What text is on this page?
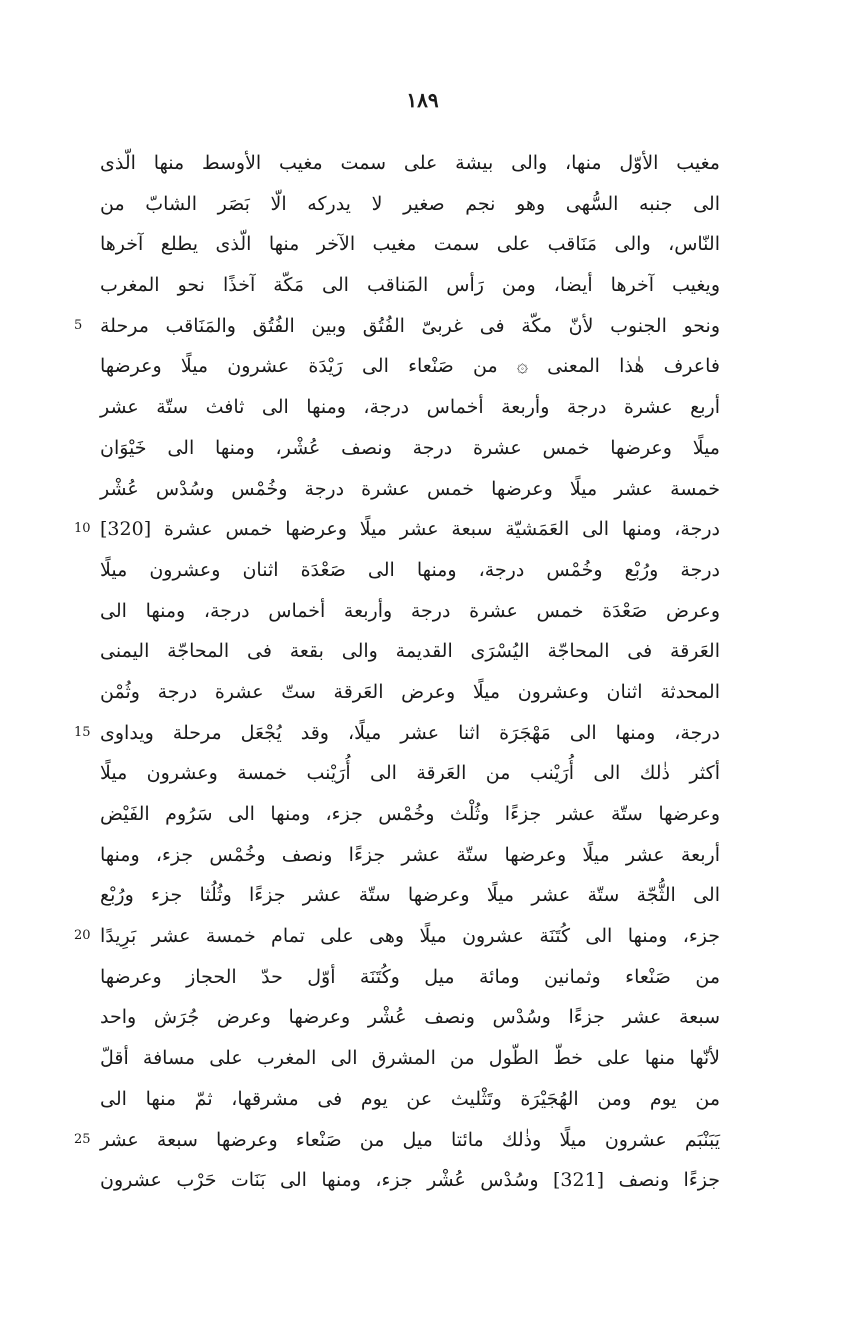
١٨٩
مغيب الأوّل منها، والى بيشة على سمت مغيب الأوسط منها الّذى
الى جنبه السُّهى وهو نجم صغير لا يدركه الّا بَصَر الشابّ من
النّاس، والى مَنَاقب على سمت مغيب الآخر منها الّذى يطلع آخرها
ويغيب آخرها أيضا، ومن رَأس المَناقب الى مَكّة آخذًا نحو المغرب
ونحو الجنوب لأنّ مكّة فى غربىّ الفُتُق وبين الفُتُق والمَنَاقب مرحلة
5
فاعرف هٰذا المعنى ۞ من صَنْعاء الى رَيْدَة عشرون ميلًا وعرضها
أربع عشرة درجة وأربعة أخماس درجة، ومنها الى ثافث ستّة عشر
ميلًا وعرضها خمس عشرة درجة ونصف عُشْر، ومنها الى خَيْوَان
خمسة عشر ميلًا وعرضها خمس عشرة درجة وخُمْس وسُدْس عُشْر
درجة، ومنها الى العَمَشيّة سبعة عشر ميلًا وعرضها خمس عشرة [320]
10
درجة ورُبْع وخُمْس درجة، ومنها الى صَعْدَة اثنان وعشرون ميلًا
وعرض صَعْدَة خمس عشرة درجة وأربعة أخماس درجة، ومنها الى
العَرقة فى المحاجّة اليُسْرَى القديمة والى بقعة فى المحاجّة اليمنى
المحدثة اثنان وعشرون ميلًا وعرض العَرقة ستّ عشرة درجة وثُمْن
درجة، ومنها الى مَهْجَرَة اثنا عشر ميلًا، وقد يُجْعَل مرحلة ويداوى
15
أكثر ذٰلك الى أُرَيْنب من العَرقة الى أُرَيْنب خمسة وعشرون ميلًا
وعرضها ستّة عشر جزءًا وثُلْث وخُمْس جزء، ومنها الى سَرُوم الفَيْض
أربعة عشر ميلًا وعرضها ستّة عشر جزءًا ونصف وخُمْس جزء، ومنها
الى الثُّجّة ستّة عشر ميلًا وعرضها ستّة عشر جزءًا وثُلُثا جزء ورُبْع
جزء، ومنها الى كُتَنَة عشرون ميلًا وهى على تمام خمسة عشر بَرِيدًا
20
من صَنْعاء وثمانين ومائة ميل وكُتَنَة أوّل حدّ الحجاز وعرضها
سبعة عشر جزءًا وسُدْس ونصف عُشْر وعرضها وعرض جُرَش واحد
لأنّها منها على خطّ الطّول من المشرق الى المغرب على مسافة أقلّ
من يوم ومن الهُجَيْرَة وتَثْليث عن يوم فى مشرقها، ثمّ منها الى
يَبَنْبَم عشرون ميلًا وذٰلك مائتا ميل من صَنْعاء وعرضها سبعة عشر
25
جزءًا ونصف [321] وسُدْس عُشْر جزء، ومنها الى بَنَات حَرْب عشرون
